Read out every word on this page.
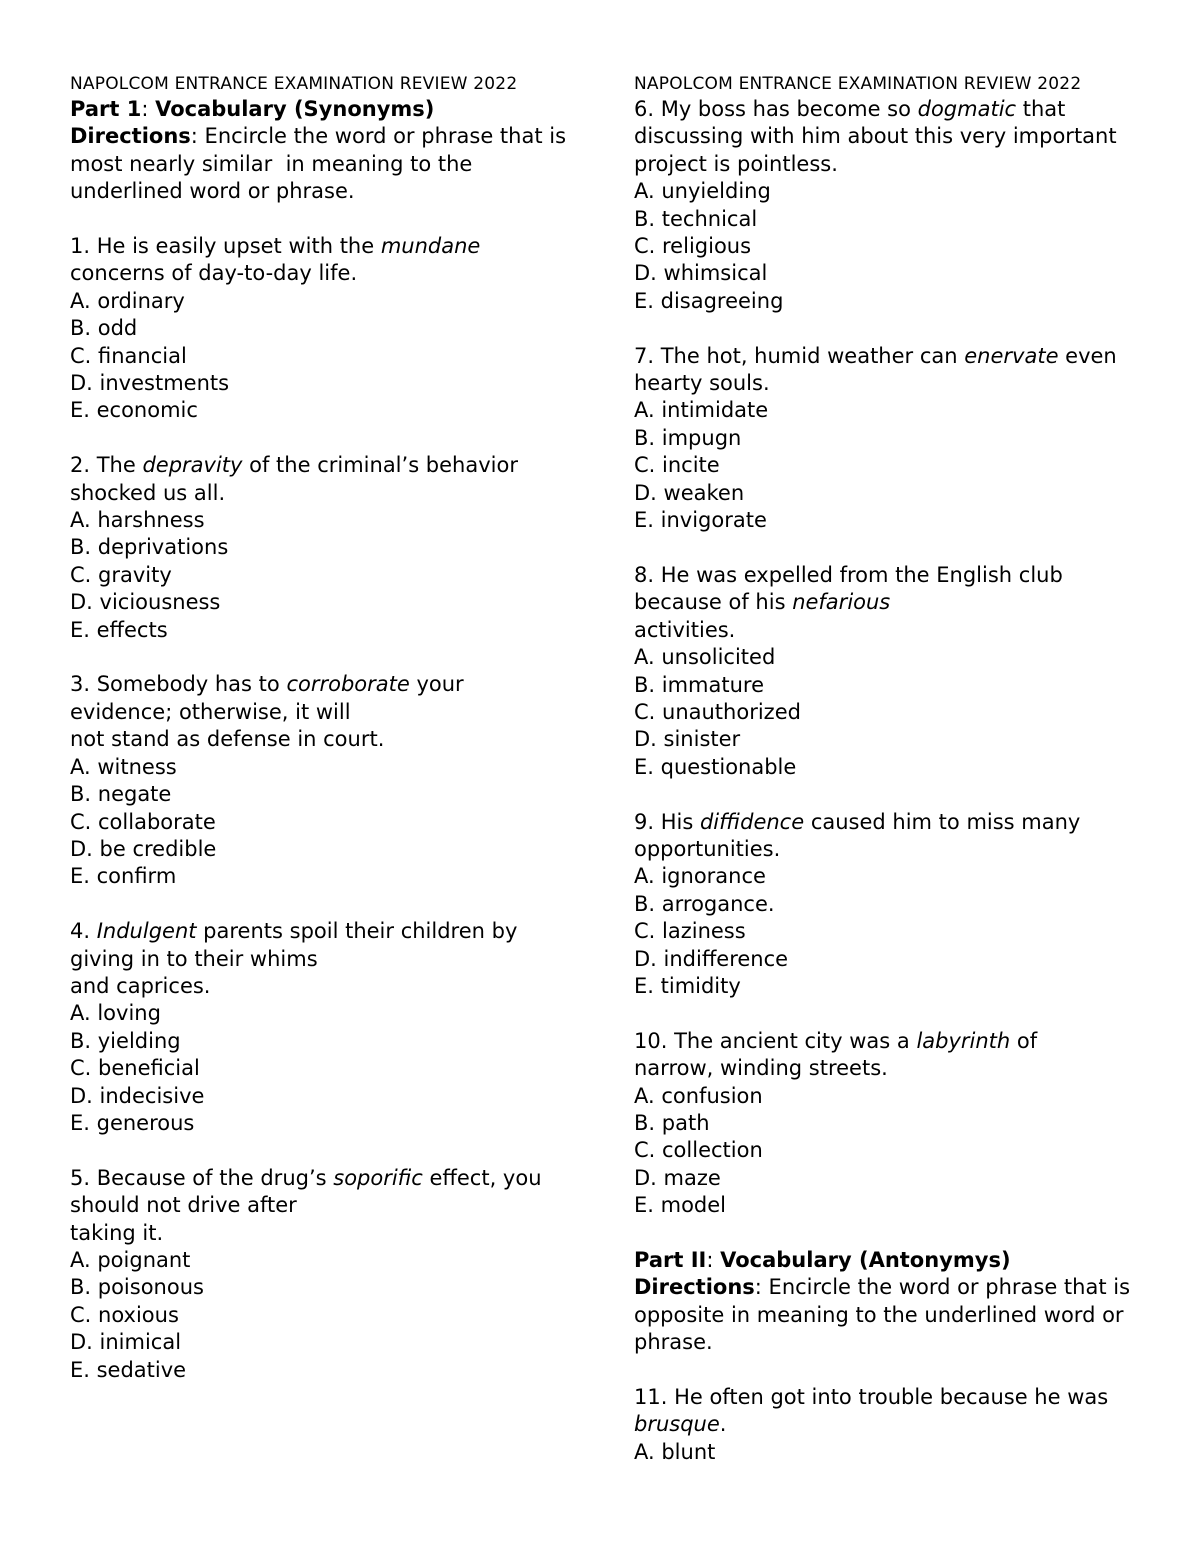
NAPOLCOM ENTRANCE EXAMINATION REVIEW 2022
Part 1: Vocabulary (Synonyms)
Directions: Encircle the word or phrase that is
most nearly similar  in meaning to the
underlined word or phrase.
1. He is easily upset with the mundane
concerns of day-to-day life.
A. ordinary
B. odd
C. financial
D. investments
E. economic
2. The depravity of the criminal’s behavior
shocked us all.
A. harshness
B. deprivations
C. gravity
D. viciousness
E. effects
3. Somebody has to corroborate your
evidence; otherwise, it will
not stand as defense in court.
A. witness
B. negate
C. collaborate
D. be credible
E. confirm
4. Indulgent parents spoil their children by
giving in to their whims
and caprices.
A. loving
B. yielding
C. beneficial
D. indecisive
E. generous
5. Because of the drug’s soporific effect, you
should not drive after
taking it.
A. poignant
B. poisonous
C. noxious
D. inimical
E. sedative
NAPOLCOM ENTRANCE EXAMINATION REVIEW 2022
6. My boss has become so dogmatic that
discussing with him about this very important
project is pointless.
A. unyielding
B. technical
C. religious
D. whimsical
E. disagreeing
7. The hot, humid weather can enervate even
hearty souls.
A. intimidate
B. impugn
C. incite
D. weaken
E. invigorate
8. He was expelled from the English club
because of his nefarious
activities.
A. unsolicited
B. immature
C. unauthorized
D. sinister
E. questionable
9. His diffidence caused him to miss many
opportunities.
A. ignorance
B. arrogance.
C. laziness
D. indifference
E. timidity
10. The ancient city was a labyrinth of
narrow, winding streets.
A. confusion
B. path
C. collection
D. maze
E. model
Part II: Vocabulary (Antonymys)
Directions: Encircle the word or phrase that is
opposite in meaning to the underlined word or
phrase.
11. He often got into trouble because he was
brusque.
A. blunt
